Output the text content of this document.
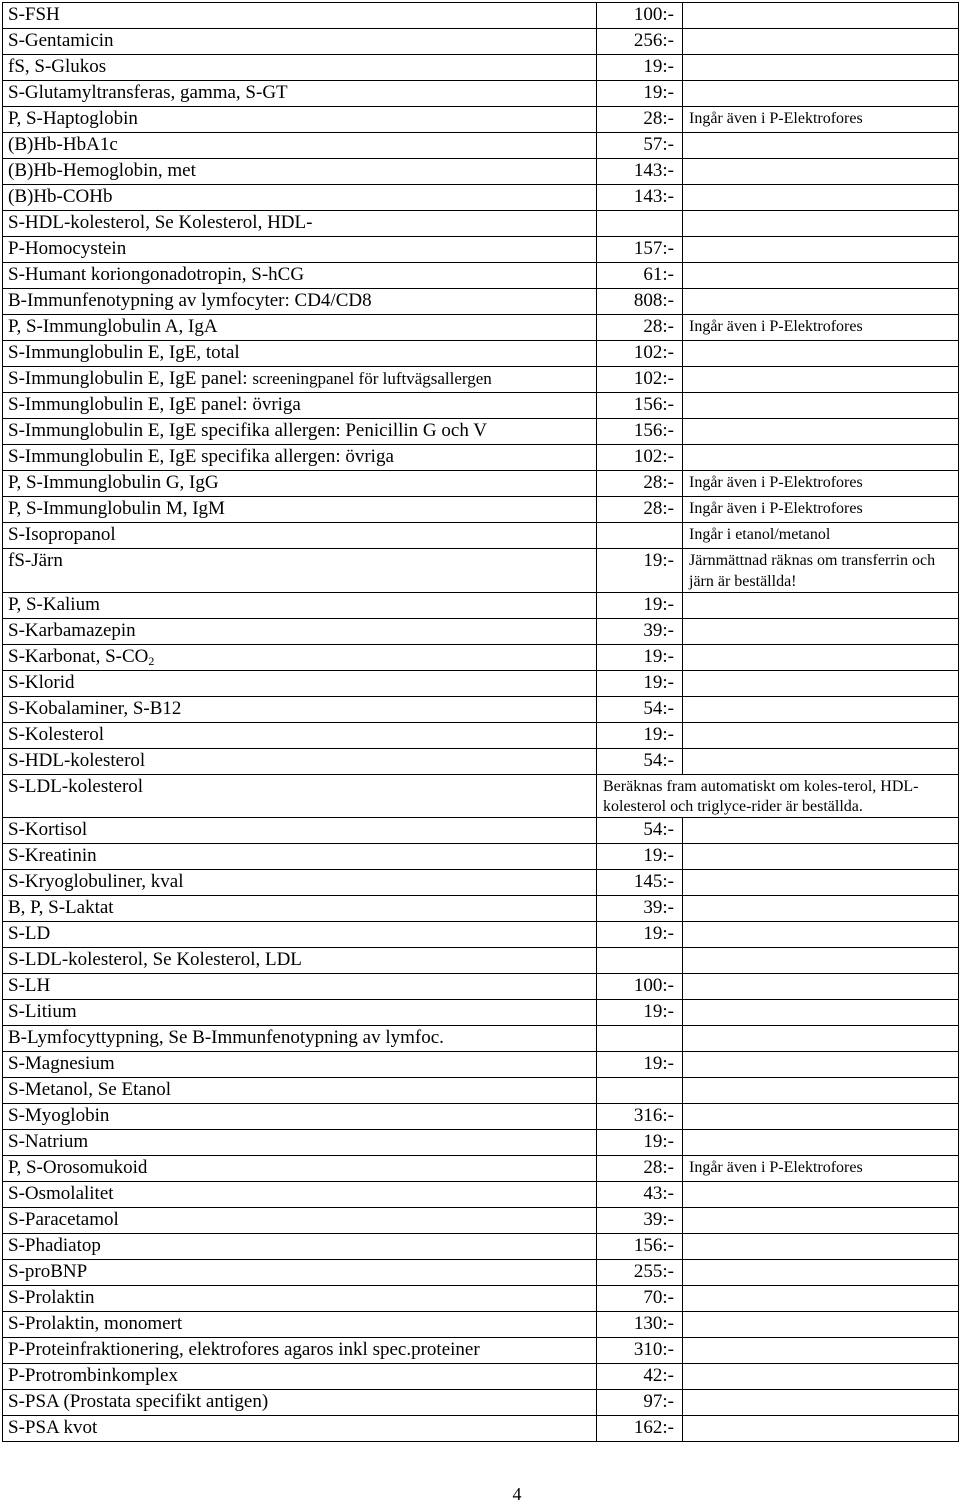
S-FSH	100:-	
S-Gentamicin	256:-	
fS, S-Glukos	19:-	
S-Glutamyltransferas, gamma, S-GT	19:-	
P, S-Haptoglobin	28:-	Ingår även i P-Elektrofores
(B)Hb-HbA1c	57:-	
(B)Hb-Hemoglobin, met	143:-	
(B)Hb-COHb	143:-	
S-HDL-kolesterol, Se Kolesterol, HDL-		
P-Homocystein	157:-	
S-Humant koriongonadotropin, S-hCG	61:-	
B-Immunfenotypning av lymfocyter: CD4/CD8	808:-	
P, S-Immunglobulin A, IgA	28:-	Ingår även i P-Elektrofores
S-Immunglobulin E, IgE, total	102:-	
S-Immunglobulin E, IgE panel: screeningpanel för luftvägsallergen	102:-	
S-Immunglobulin E, IgE panel: övriga	156:-	
S-Immunglobulin E, IgE specifika allergen: Penicillin G och V	156:-	
S-Immunglobulin E, IgE specifika allergen: övriga	102:-	
P, S-Immunglobulin G, IgG	28:-	Ingår även i P-Elektrofores
P, S-Immunglobulin M, IgM	28:-	Ingår även i P-Elektrofores
S-Isopropanol		Ingår i etanol/metanol
fS-Järn	19:-	Järnmättnad räknas om transferrin och järn är beställda!
P, S-Kalium	19:-	
S-Karbamazepin	39:-	
S-Karbonat, $S-CO_2$	19:-	
S-Klorid	19:-	
S-Kobalaminer, S-B12	54:-	
S-Kolesterol	19:-	
S-HDL-kolesterol	54:-	
S-LDL-kolesterol	Beräknas fram automatiskt om koles-terol, HDL-kolesterol och triglyce-rider är beställda.	
S-Kortisol	54:-	
S-Kreatinin	19:-	
S-Kryoglobuliner, kval	145:-	
B, P, S-Laktat	39:-	
S-LD	19:-	
S-LDL-kolesterol, Se Kolesterol, LDL		
S-LH	100:-	
S-Litium	19:-	
B-Lymfocyttypning, Se B-Immunfenotypning av lymfoc.		
S-Magnesium	19:-	
S-Metanol, Se Etanol		
S-Myoglobin	316:-	
S-Natrium	19:-	
P, S-Orosomukoid	28:-	Ingår även i P-Elektrofores
S-Osmolalitet	43:-	
S-Paracetamol	39:-	
S-Phadiatop	156:-	
S-proBNP	255:-	
S-Prolaktin	70:-	
S-Prolaktin, monomert	130:-	
P-Proteinfraktionering, elektrofores agaros inkl spec.proteiner	310:-	
P-Protrombinkomplex	42:-	
S-PSA (Prostata specifikt antigen)	97:-	
S-PSA kvot	162:-	
4
